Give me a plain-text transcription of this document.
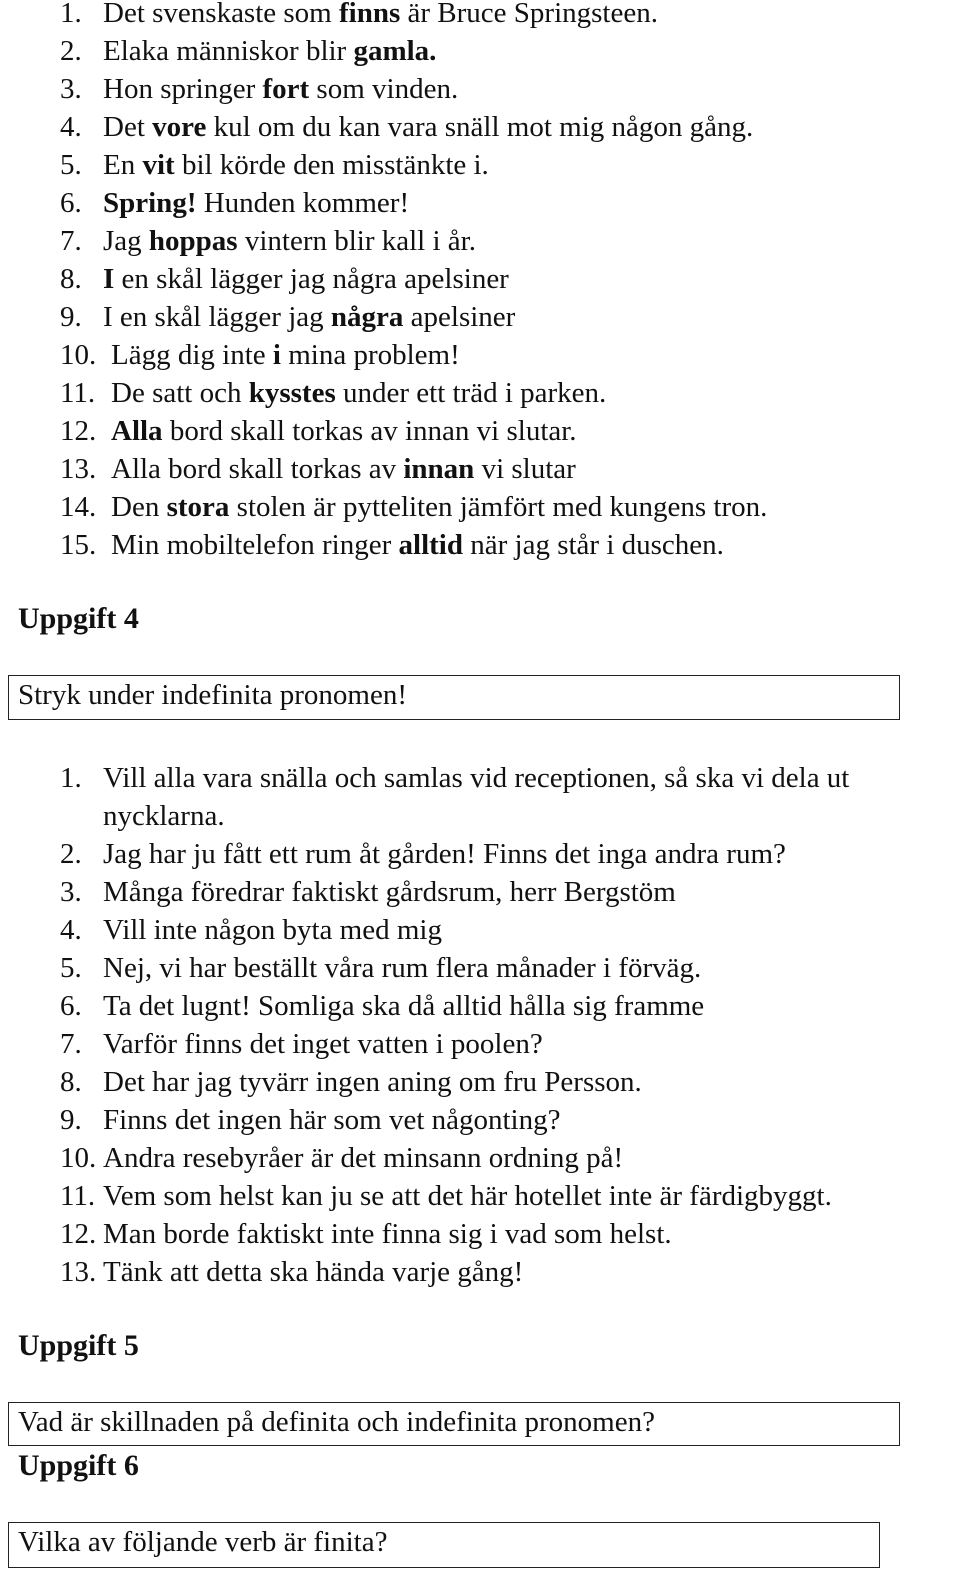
1. Det svenskaste som finns är Bruce Springsteen.
2. Elaka människor blir gamla.
3. Hon springer fort som vinden.
4. Det vore kul om du kan vara snäll mot mig någon gång.
5. En vit bil körde den misstänkte i.
6. Spring! Hunden kommer!
7. Jag hoppas vintern blir kall i år.
8. I en skål lägger jag några apelsiner
9. I en skål lägger jag några apelsiner
10. Lägg dig inte i mina problem!
11. De satt och kysstes under ett träd i parken.
12. Alla bord skall torkas av innan vi slutar.
13. Alla bord skall torkas av innan vi slutar
14. Den stora stolen är pytteliten jämfört med kungens tron.
15. Min mobiltelefon ringer alltid när jag står i duschen.
Uppgift 4
Stryk under indefinita pronomen!
1. Vill alla vara snälla och samlas vid receptionen, så ska vi dela ut nycklarna.
2. Jag har ju fått ett rum åt gården! Finns det inga andra rum?
3. Många föredrar faktiskt gårdsrum, herr Bergstöm
4. Vill inte någon byta med mig
5. Nej, vi har beställt våra rum flera månader i förväg.
6. Ta det lugnt! Somliga ska då alltid hålla sig framme
7. Varför finns det inget vatten i poolen?
8. Det har jag tyvärr ingen aning om fru Persson.
9. Finns det ingen här som vet någonting?
10. Andra resebyråer är det minsann ordning på!
11. Vem som helst kan ju se att det här hotellet inte är färdigbyggt.
12. Man borde faktiskt inte finna sig i vad som helst.
13. Tänk att detta ska hända varje gång!
Uppgift 5
Vad är skillnaden på definita och indefinita pronomen?
Uppgift 6
Vilka av följande verb är finita?
